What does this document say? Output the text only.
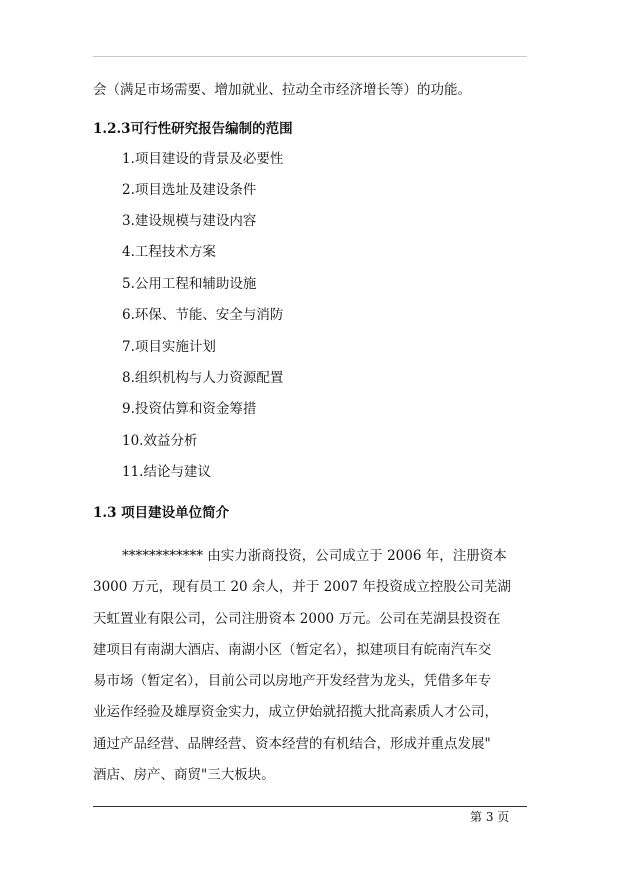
会（满足市场需要、增加就业、拉动全市经济增长等）的功能。
1.2.3可行性研究报告编制的范围
1.项目建设的背景及必要性
2.项目选址及建设条件
3.建设规模与建设内容
4.工程技术方案
5.公用工程和辅助设施
6.环保、节能、安全与消防
7.项目实施计划
8.组织机构与人力资源配置
9.投资估算和资金筹措
10.效益分析
11.结论与建议
1.3 项目建设单位简介
************ 由实力浙商投资，公司成立于 2006 年，注册资本
3000 万元，现有员工 20 余人，并于 2007 年投资成立控股公司芜湖
天虹置业有限公司，公司注册资本 2000 万元。公司在芜湖县投资在
建项目有南湖大酒店、南湖小区（暂定名），拟建项目有皖南汽车交
易市场（暂定名），目前公司以房地产开发经营为龙头，凭借多年专
业运作经验及雄厚资金实力，成立伊始就招揽大批高素质人才公司，
通过产品经营、品牌经营、资本经营的有机结合，形成并重点发展"
酒店、房产、商贸"三大板块。
第 3 页
